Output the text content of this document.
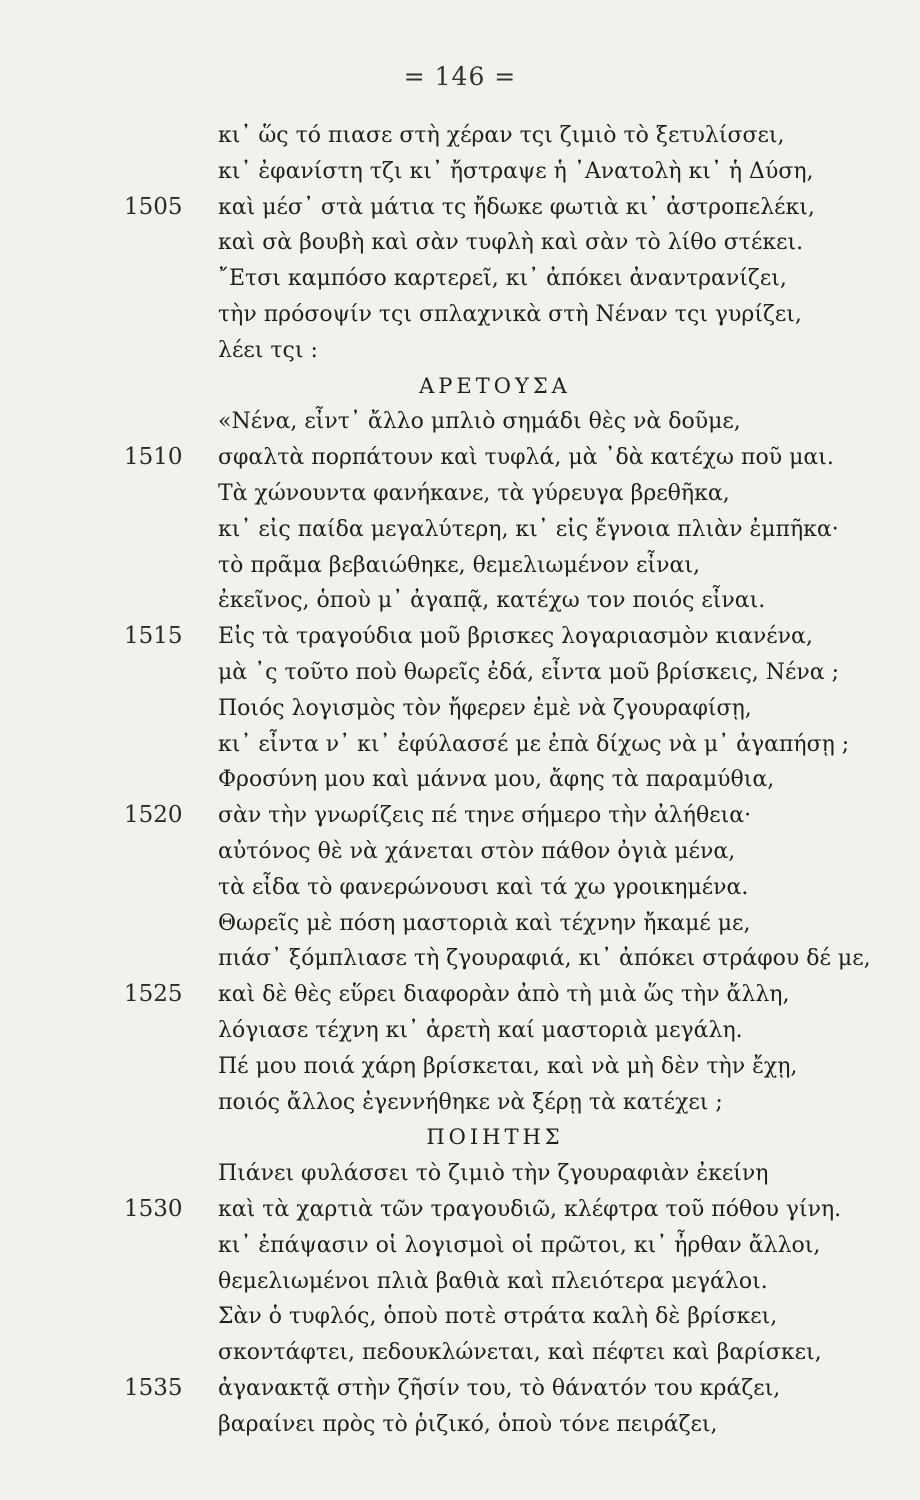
= 146 =
κι᾽ ὥς τό πιασε στὴ χέραν τςι ζιμιὸ τὸ ξετυλίσσει,
κι᾽ ἐφανίστη τζι κι᾽ ἤστραψε ἡ ᾽Ανατολὴ κι᾽ ἡ Δύση,
1505 καὶ μέσ᾽ στὰ μάτια τς ἤδωκε φωτιὰ κι᾽ ἀστροπελέκι,
καὶ σὰ βουβὴ καὶ σὰν τυφλὴ καὶ σὰν τὸ λίθο στέκει.
῎Ετσι καμπόσο καρτερεῖ, κι᾽ ἀπόκει ἀναντρανίζει,
τὴν πρόσοψίν τςι σπλαχνικὰ στὴ Νέναν τςι γυρίζει,
λέει τςι :
ΑΡΕΤΟΥΣΑ
«Νένα, εἶντ᾽ ἄλλο μπλιὸ σημάδι θὲς νὰ δοῦμε,
1510 σφαλτὰ πορπάτουν καὶ τυφλά, μὰ ᾽δὰ κατέχω ποῦ μαι.
Τὰ χώνουντα φανήκανε, τὰ γύρευγα βρεθῆκα,
κι᾽ εἰς παίδα μεγαλύτερη, κι᾽ εἰς ἔγνοια πλιὰν ἐμπῆκα·
τὸ πρᾶμα βεβαιώθηκε, θεμελιωμένον εἶναι,
ἐκεῖνος, ὁποὺ μ᾽ ἀγαπᾷ, κατέχω τον ποιός εἶναι.
1515 Εἰς τὰ τραγούδια μοῦ βρισκες λογαριασμὸν κιανένα,
μὰ ᾽ς τοῦτο ποὺ θωρεῖς ἐδά, εἶντα μοῦ βρίσκεις, Νένα ;
Ποιός λογισμὸς τὸν ἤφερεν ἐμὲ νὰ ζγουραφίσῃ,
κι᾽ εἶντα ν᾽ κι᾽ ἐφύλασσέ με ἐπὰ δίχως νὰ μ᾽ ἀγαπήσῃ ;
Φροσύνη μου καὶ μάννα μου, ἄφης τὰ παραμύθια,
1520 σὰν τὴν γνωρίζεις πέ τηνε σήμερο τὴν ἀλήθεια·
αὐτόνος θὲ νὰ χάνεται στὸν πάθον ὀγιὰ μένα,
τὰ εἶδα τὸ φανερώνουσι καὶ τά χω γροικημένα.
Θωρεῖς μὲ πόση μαστοριὰ καὶ τέχνην ἤκαμέ με,
πιάσ᾽ ξόμπλιασε τὴ ζγουραφιά, κι᾽ ἀπόκει στράφου δέ με,
1525 καὶ δὲ θὲς εὕρει διαφορὰν ἀπὸ τὴ μιὰ ὥς τὴν ἄλλη,
λόγιασε τέχνη κι᾽ ἀρετὴ καί μαστοριὰ μεγάλη.
Πέ μου ποιά χάρη βρίσκεται, καὶ νὰ μὴ δὲν τὴν ἔχῃ,
ποιός ἄλλος ἐγεννήθηκε νὰ ξέρῃ τὰ κατέχει ;
ΠΟΙΗΤΗΣ
Πιάνει φυλάσσει τὸ ζιμιὸ τὴν ζγουραφιὰν ἐκείνη
1530 καὶ τὰ χαρτιὰ τῶν τραγουδιῶ, κλέφτρα τοῦ πόθου γίνη.
κι᾽ ἐπάψασιν οἱ λογισμοὶ οἱ πρῶτοι, κι᾽ ἦρθαν ἄλλοι,
θεμελιωμένοι πλιὰ βαθιὰ καὶ πλειότερα μεγάλοι.
Σὰν ὁ τυφλός, ὁποὺ ποτὲ στράτα καλὴ δὲ βρίσκει,
σκοντάφτει, πεδουκλώνεται, καὶ πέφτει καὶ βαρίσκει,
1535 ἀγανακτᾷ στὴν ζῆσίν του, τὸ θάνατόν του κράζει,
βαραίνει πρὸς τὸ ῥιζικό, ὁποὺ τόνε πειράζει,
